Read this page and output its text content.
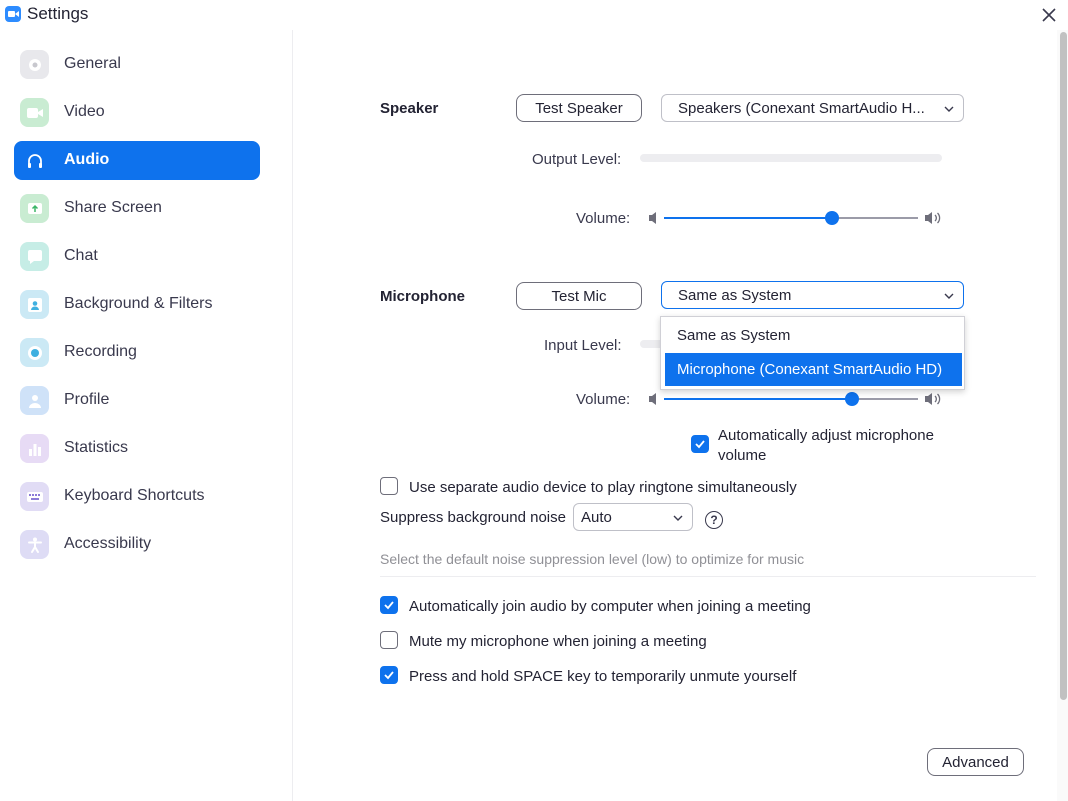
Settings
General
Video
Audio
Share Screen
Chat
Background & Filters
Recording
Profile
Statistics
Keyboard Shortcuts
Accessibility
Speaker	Test Speaker	Speakers (Conexant SmartAudio H...
Output Level:
Volume:
Microphone	Test Mic	Same as System
Input Level:
Volume:
Automatically adjust microphone
volume
Same as System
Microphone (Conexant SmartAudio HD)
Use separate audio device to play ringtone simultaneously
Suppress background noise Auto	?
Select the default noise suppression level (low) to optimize for music
Automatically join audio by computer when joining a meeting
Mute my microphone when joining a meeting
Press and hold SPACE key to temporarily unmute yourself
Advanced
